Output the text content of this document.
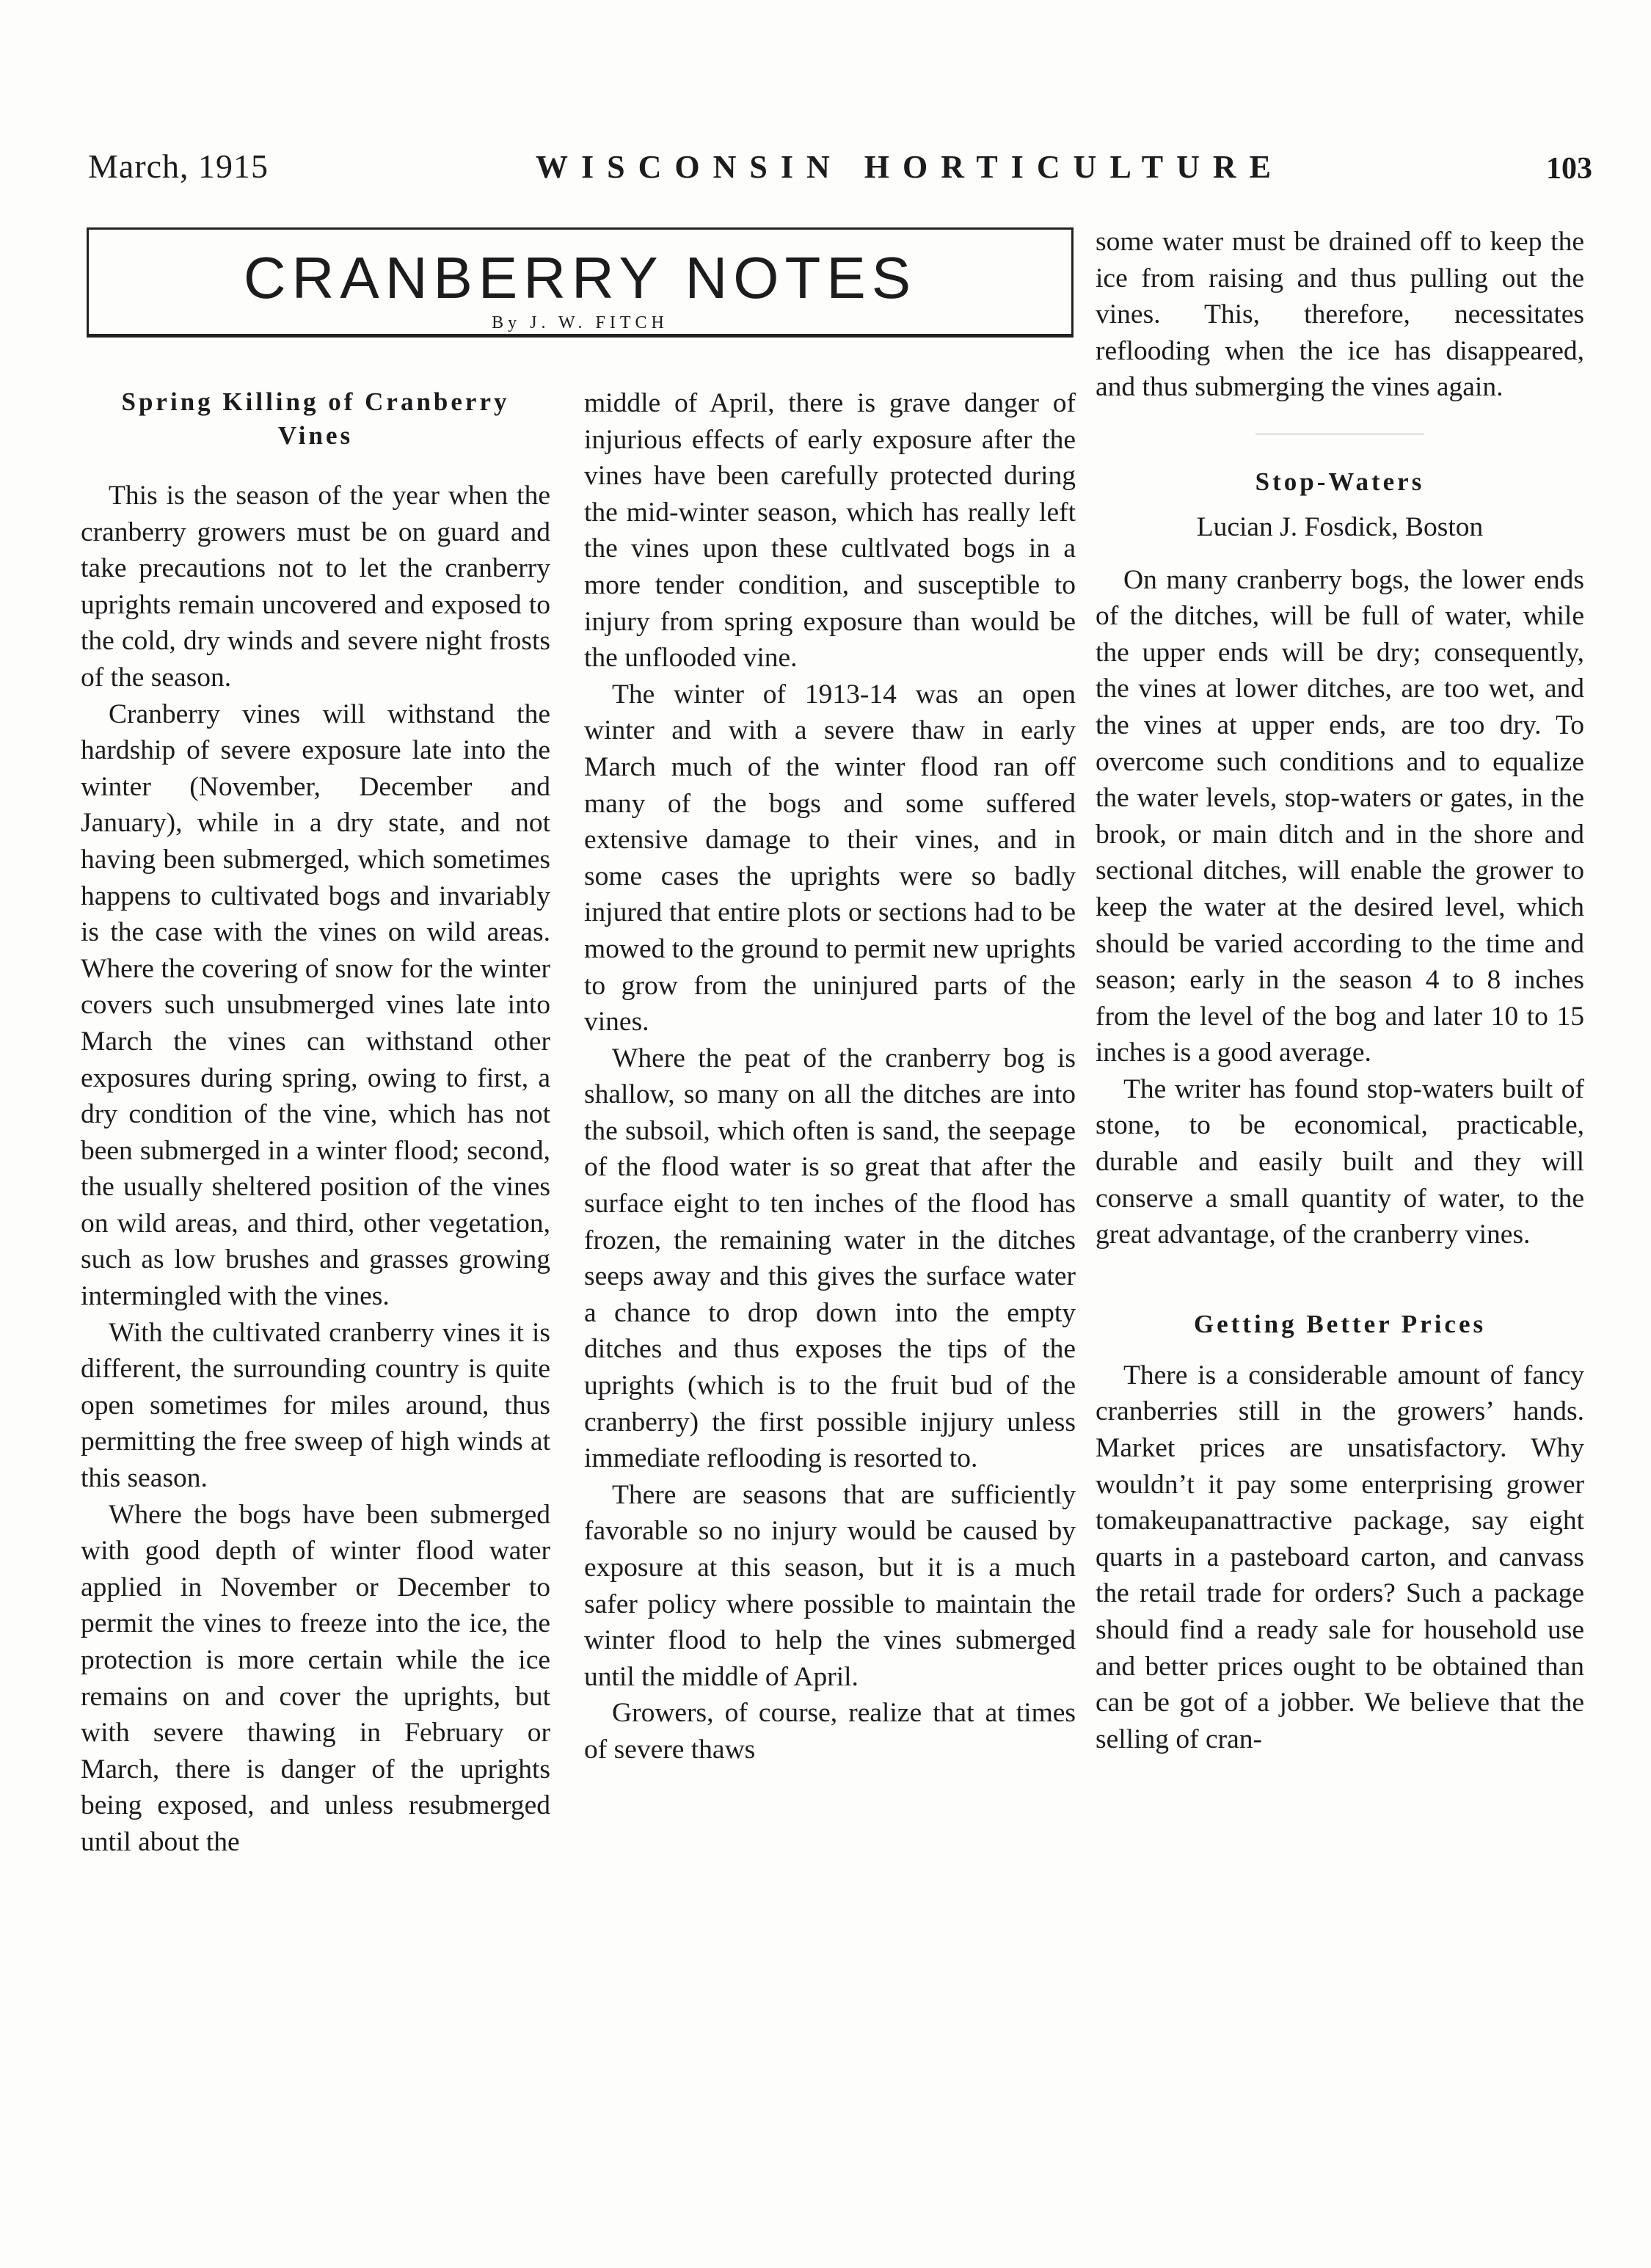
March, 1915	WISCONSIN HORTICULTURE	103
CRANBERRY NOTES
By J. W. FITCH
Spring Killing of Cranberry Vines

This is the season of the year when the cranberry growers must be on guard and take precautions not to let the cranberry uprights remain uncovered and exposed to the cold, dry winds and severe night frosts of the season.

Cranberry vines will withstand the hardship of severe exposure late into the winter (November, December and January), while in a dry state, and not having been submerged, which sometimes happens to cultivated bogs and invariably is the case with the vines on wild areas. Where the covering of snow for the winter covers such unsubmerged vines late into March the vines can withstand other exposures during spring, owing to first, a dry condition of the vine, which has not been submerged in a winter flood; second, the usually sheltered position of the vines on wild areas, and third, other vegetation, such as low brushes and grasses growing intermingled with the vines.

With the cultivated cranberry vines it is different, the surrounding country is quite open sometimes for miles around, thus permitting the free sweep of high winds at this season.

Where the bogs have been submerged with good depth of winter flood water applied in November or December to permit the vines to freeze into the ice, the protection is more certain while the ice remains on and cover the uprights, but with severe thawing in February or March, there is danger of the uprights being exposed, and unless resubmerged until about the

middle of April, there is grave danger of injurious effects of early exposure after the vines have been carefully protected during the mid-winter season, which has really left the vines upon these cultlvated bogs in a more tender condition, and susceptible to injury from spring exposure than would be the unflooded vine.

The winter of 1913-14 was an open winter and with a severe thaw in early March much of the winter flood ran off many of the bogs and some suffered extensive damage to their vines, and in some cases the uprights were so badly injured that entire plots or sections had to be mowed to the ground to permit new uprights to grow from the uninjured parts of the vines.

Where the peat of the cranberry bog is shallow, so many on all the ditches are into the subsoil, which often is sand, the seepage of the flood water is so great that after the surface eight to ten inches of the flood has frozen, the remaining water in the ditches seeps away and this gives the surface water a chance to drop down into the empty ditches and thus exposes the tips of the uprights (which is to the fruit bud of the cranberry) the first possible injjury unless immediate reflooding is resorted to.

There are seasons that are sufficiently favorable so no injury would be caused by exposure at this season, but it is a much safer policy where possible to maintain the winter flood to help the vines submerged until the middle of April.

Growers, of course, realize that at times of severe thaws

some water must be drained off to keep the ice from raising and thus pulling out the vines. This, therefore, necessitates reflooding when the ice has disappeared, and thus submerging the vines again.

Stop-Waters
Lucian J. Fosdick, Boston

On many cranberry bogs, the lower ends of the ditches, will be full of water, while the upper ends will be dry; consequently, the vines at lower ditches, are too wet, and the vines at upper ends, are too dry. To overcome such conditions and to equalize the water levels, stop-waters or gates, in the brook, or main ditch and in the shore and sectional ditches, will enable the grower to keep the water at the desired level, which should be varied according to the time and season; early in the season 4 to 8 inches from the level of the bog and later 10 to 15 inches is a good average.

The writer has found stop-waters built of stone, to be economical, practicable, durable and easily built and they will conserve a small quantity of water, to the great advantage, of the cranberry vines.

Getting Better Prices

There is a considerable amount of fancy cranberries still in the growers’ hands. Market prices are unsatisfactory. Why wouldn’t it pay some enterprising grower tomakeupanattractive package, say eight quarts in a pasteboard carton, and canvass the retail trade for orders? Such a package should find a ready sale for household use and better prices ought to be obtained than can be got of a jobber. We believe that the selling of cran-
